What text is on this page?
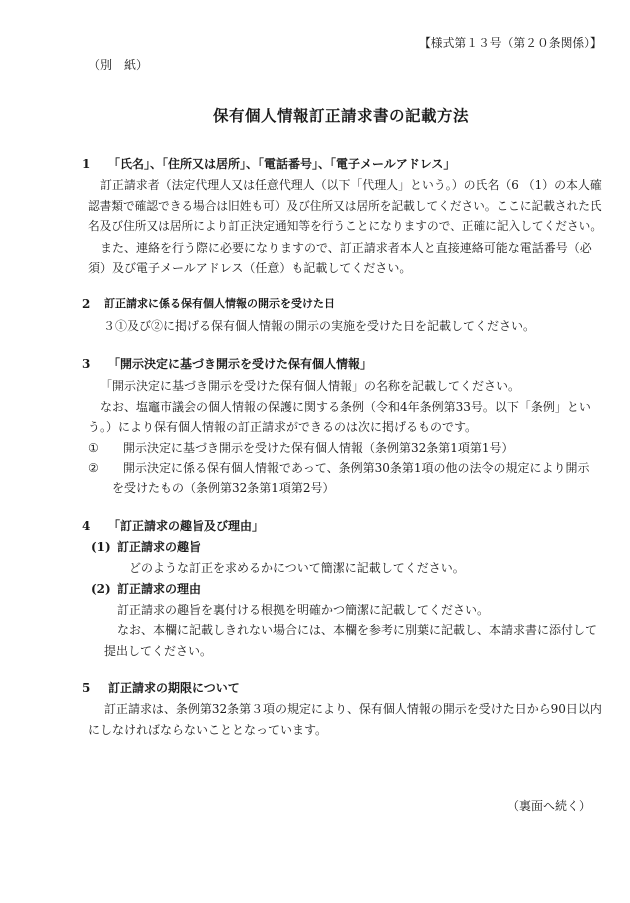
【様式第１３号（第２０条関係）】
（別　紙）
保有個人情報訂正請求書の記載方法
1 「氏名」、「住所又は居所」、「電話番号」、「電子メールアドレス」
訂正請求者（法定代理人又は任意代理人（以下「代理人」という。）の氏名（6 （1）の本人確
認書類で確認できる場合は旧姓も可）及び住所又は居所を記載してください。ここに記載された氏
名及び住所又は居所により訂正決定通知等を行うことになりますので、正確に記入してください。
また、連絡を行う際に必要になりますので、訂正請求者本人と直接連絡可能な電話番号（必
須）及び電子メールアドレス（任意）も記載してください。
2 訂正請求に係る保有個人情報の開示を受けた日
３①及び②に掲げる保有個人情報の開示の実施を受けた日を記載してください。
3 「開示決定に基づき開示を受けた保有個人情報」
「開示決定に基づき開示を受けた保有個人情報」の名称を記載してください。
なお、塩竈市議会の個人情報の保護に関する条例（令和4年条例第33号。以下「条例」とい
う。）により保有個人情報の訂正請求ができるのは次に掲げるものです。
① 開示決定に基づき開示を受けた保有個人情報（条例第32条第1項第1号）
② 開示決定に係る保有個人情報であって、条例第30条第1項の他の法令の規定により開示
を受けたもの（条例第32条第1項第2号）
4 「訂正請求の趣旨及び理由」
(1) 訂正請求の趣旨
どのような訂正を求めるかについて簡潔に記載してください。
(2) 訂正請求の理由
訂正請求の趣旨を裏付ける根拠を明確かつ簡潔に記載してください。
なお、本欄に記載しきれない場合には、本欄を参考に別葉に記載し、本請求書に添付して
提出してください。
5 訂正請求の期限について
訂正請求は、条例第32条第３項の規定により、保有個人情報の開示を受けた日から90日以内
にしなければならないこととなっています。
（裏面へ続く）
